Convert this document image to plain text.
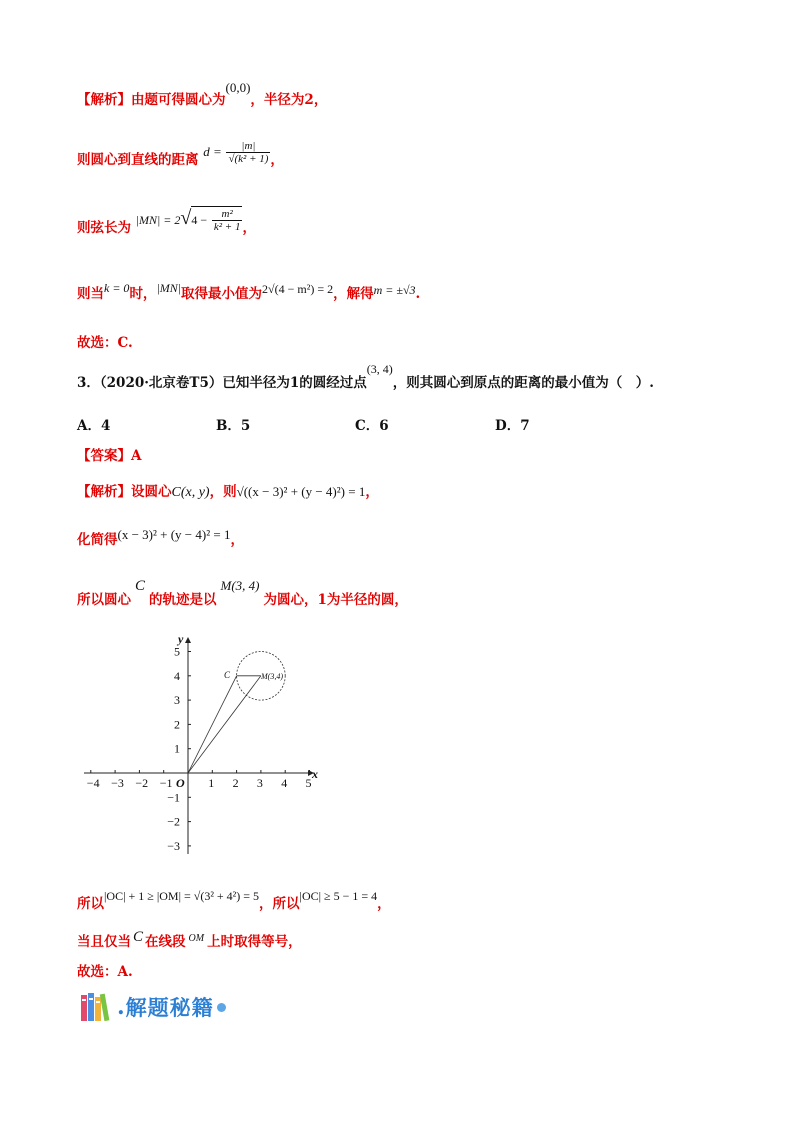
【解析】由题可得圆心为(0,0)，半径为2，
则圆心到直线的距离 $d = \frac{|m|}{\text{√(k² + 1)}}$ ，
则弦长为 $|MN| = 2√4 - \frac{\text{m²}}{\text{k² + 1}}$ ，
则当k = 0时，|MN|取得最小值为2√(4 − m²) = 2，解得m = ±√3.
故选：C.
3．（2020·北京卷T5）已知半径为1的圆经过点(3, 4)，则其圆心到原点的距离的最小值为（　）.
A．4	B．5	C．6	D．7
【答案】A
【解析】设圆心C(x, y)，则√((x − 3)² + (y − 4)²) = 1，
化简得(x − 3)² + (y − 4)² = 1，
所以圆心C的轨迹是以M(3, 4)为圆心，1为半径的圆，
−4 −3 −2 −1	1 2 3 4 5
5
4
3
2
1
−1
−2
−3
x
y
O
C	M(3,4)
所以|OC| + 1 ≥ |OM| = √(3² + 4²) = 5，所以|OC| ≥ 5 − 1 = 4，
当且仅当 C 在线段 $^{OM}$ 上时取得等号，
故选：A.
. 解题秘籍
